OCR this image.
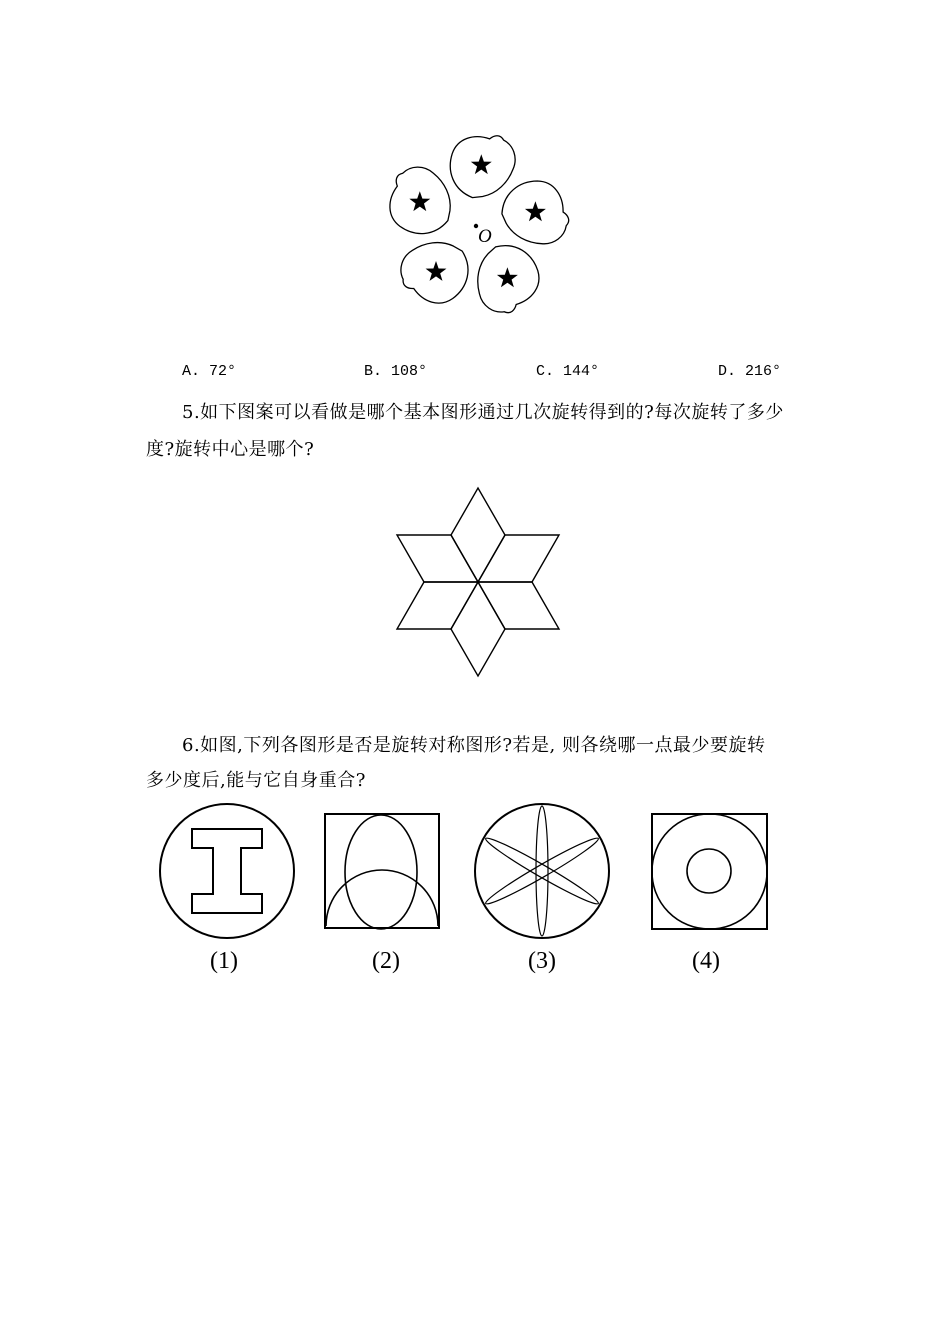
O
A. 72°	B. 108°	C. 144°	D. 216°
5.如下图案可以看做是哪个基本图形通过几次旋转得到的?每次旋转了多少
度?旋转中心是哪个?
6.如图,下列各图形是否是旋转对称图形?若是, 则各绕哪一点最少要旋转
多少度后,能与它自身重合?
(1)	(2)	(3)	(4)
